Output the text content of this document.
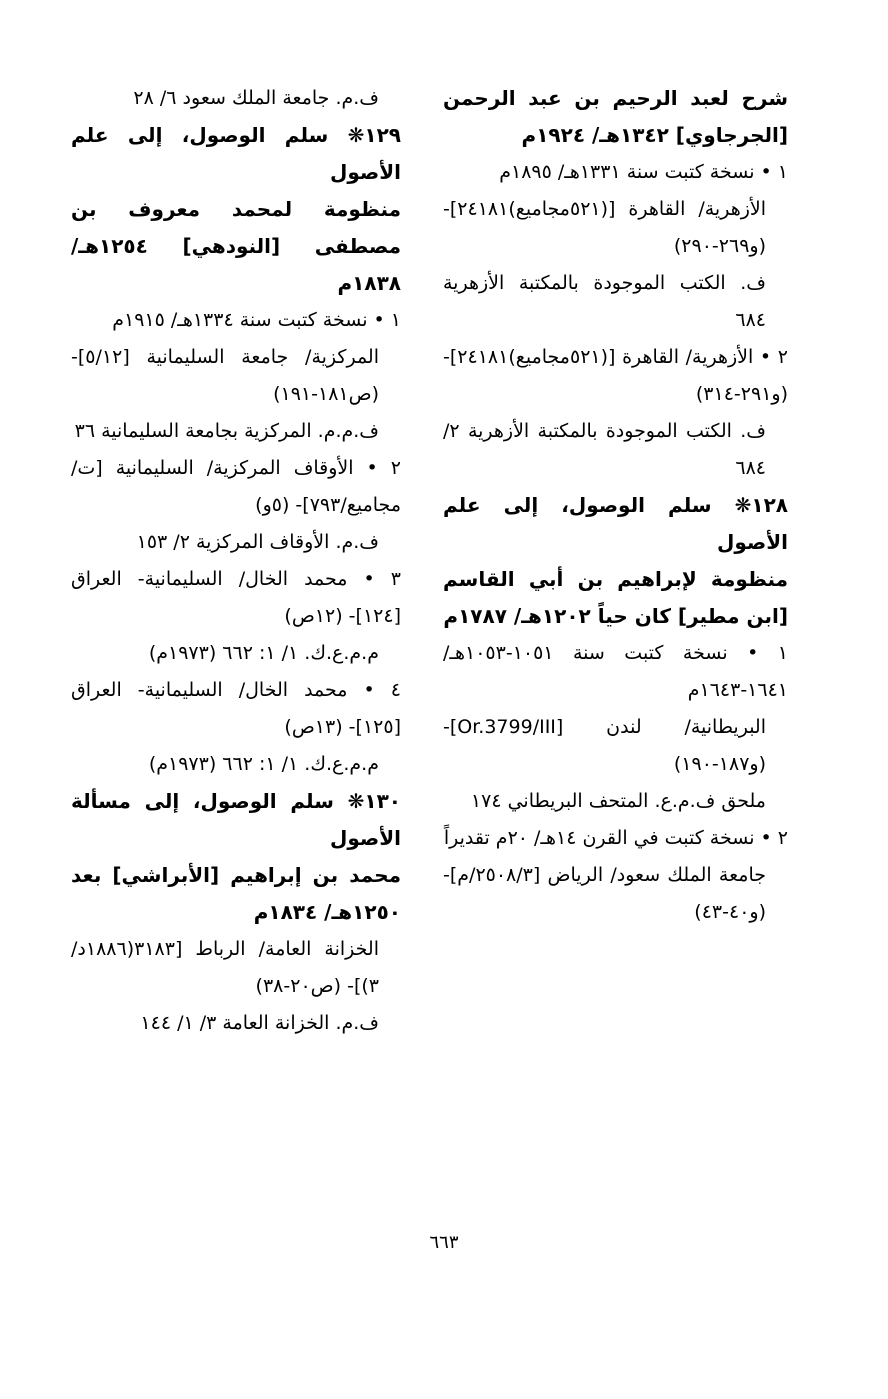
شرح لعبد الرحيم بن عبد الرحمن [الجرجاوي] ١٣٤٢هـ/ ١٩٢٤م
١ • نسخة كتبت سنة ١٣٣١هـ/ ١٨٩٥م
الأزهرية/ القاهرة [(٥٢١مجاميع)٢٤١٨١]- (و٢٦٩-٢٩٠)
ف. الكتب الموجودة بالمكتبة الأزهرية ٦٨٤
٢ • الأزهرية/ القاهرة [(٥٢١مجاميع)٢٤١٨١]- (و٢٩١-٣١٤)
ف. الكتب الموجودة بالمكتبة الأزهرية ٢/ ٦٨٤
١٢٨❋ سلم الوصول، إلى علم الأصول
منظومة لإبراهيم بن أبي القاسم [ابن مطير] كان حياً ١٢٠٢هـ/ ١٧٨٧م
١ • نسخة كتبت سنة ١٠٥١-١٠٥٣هـ/ ١٦٤١-١٦٤٣م
البريطانية/ لندن [Or.3799/III]- (و١٨٧-١٩٠)
ملحق ف.م.ع. المتحف البريطاني ١٧٤
٢ • نسخة كتبت في القرن ١٤هـ/ ٢٠م تقديراً
جامعة الملك سعود/ الرياض [٢٥٠٨/٣/م]- (و٤٠-٤٣)
ف.م. جامعة الملك سعود ٦/ ٢٨
١٢٩❋ سلم الوصول، إلى علم الأصول
منظومة لمحمد معروف بن مصطفى [النودهي] ١٢٥٤هـ/ ١٨٣٨م
١ • نسخة كتبت سنة ١٣٣٤هـ/ ١٩١٥م
المركزية/ جامعة السليمانية [٥/١٢]- (ص١٨١-١٩١)
ف.م.م. المركزية بجامعة السليمانية ٣٦
٢ • الأوقاف المركزية/ السليمانية [ت/مجاميع/٧٩٣]- (٥و)
ف.م. الأوقاف المركزية ٢/ ١٥٣
٣ • محمد الخال/ السليمانية- العراق [١٢٤]- (١٢ص)
م.م.ع.ك. ١/ ١: ٦٦٢ (١٩٧٣م)
٤ • محمد الخال/ السليمانية- العراق [١٢٥]- (١٣ص)
م.م.ع.ك. ١/ ١: ٦٦٢ (١٩٧٣م)
١٣٠❋ سلم الوصول، إلى مسألة الأصول
محمد بن إبراهيم [الأبراشي] بعد ١٢٥٠هـ/ ١٨٣٤م
الخزانة العامة/ الرباط [٣١٨٣(١٨٨٦د/٣)]- (ص٢٠-٣٨)
ف.م. الخزانة العامة ٣/ ١/ ١٤٤
٦٦٣
